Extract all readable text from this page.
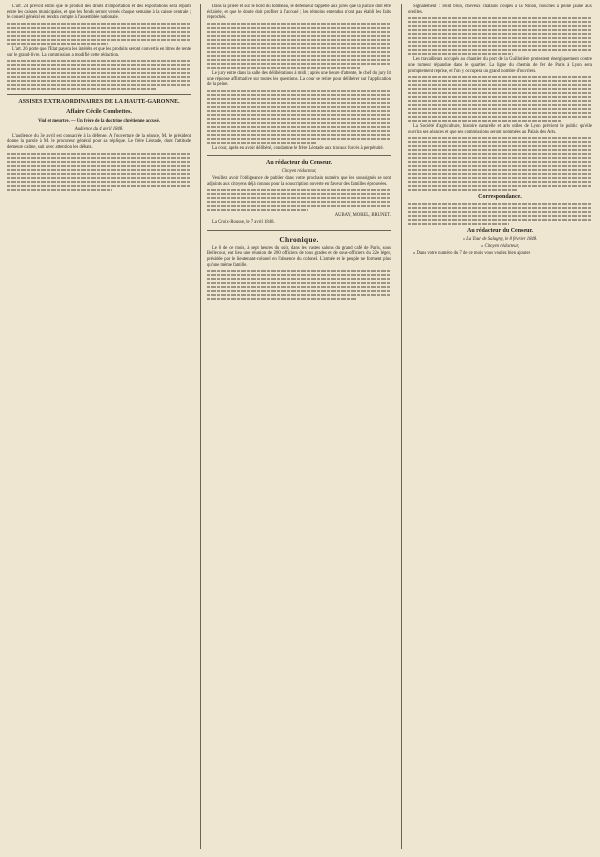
L'art. 24 prévoit enfin que le produit des droits d'importation et des exportations sera réparti entre les caisses municipales, et que les fonds seront versés chaque semaine à la caisse centrale ; le conseil général en rendra compte à l'assemblée nationale.

L'art. 26 porte que l'Etat payera les intérêts et que les produits seront convertis en titres de rente sur le grand-livre. La commission a modifié cette rédaction.

ASSISES EXTRAORDINAIRES DE LA HAUTE-GARONNE.

Affaire Cécile Combettes.

Viol et meurtre. — Un frère de la doctrine chrétienne accusé.

Audience du 4 avril 1848.

L'audience du 3e avril est consacrée à la défense. A l'ouverture de la séance, M. le président donne la parole à M. le procureur général pour sa réplique. Le frère Léotade, dont l'attitude demeure calme, suit avec attention les débats.

Dans la prière et sur le bord du tombeau, le défenseur rappelle aux jurés que la justice doit être éclairée, et que le doute doit profiter à l'accusé ; les témoins entendus n'ont pas établi les faits reprochés.

Le jury entre dans la salle des délibérations à midi ; après une heure d'attente, le chef du jury lit une réponse affirmative sur toutes les questions. La cour se retire pour délibérer sur l'application de la peine.

La cour, après en avoir délibéré, condamne le frère Léotade aux travaux forcés à perpétuité.

Au rédacteur du Censeur.

Citoyen rédacteur,

Veuillez avoir l'obligeance de publier dans votre prochain numéro que les soussignés se sont adjoints aux citoyens déjà connus pour la souscription ouverte en faveur des familles éprouvées.

AUBAY, MOREL, BRUNET.

La Croix-Rousse, le 7 avril 1848.

Chronique.

Le 6 de ce mois, à sept heures du soir, dans les vastes salons du grand café de Paris, sous Bellecour, eut lieu une réunion de 200 officiers de tous grades et de sous-officiers du 22e léger, présidée par le lieutenant-colonel en l'absence du colonel. L'armée et le peuple ne forment plus qu'une même famille.

Signalement : Teint brun, cheveux châtains coupés à la Ninon, bouches à peine jaune aux oreilles.

Les travailleurs occupés au chantier du port de la Guillotière protestent énergiquement contre une rumeur répandue dans le quartier. La ligne du chemin de fer de Paris à Lyon sera promptement reprise, et l'on y occupera un grand nombre d'ouvriers.

La Société d'agriculture, histoire naturelle et arts utiles de Lyon prévient le public qu'elle ouvrira ses séances et que ses commissions seront nommées au Palais des Arts.

Correspondance.

Au rédacteur du Censeur.

« La Tour de Salagny, le 8 février 1848.

« Citoyen rédacteur,

« Dans votre numéro du 7 de ce mois vous voulez bien ajouter
